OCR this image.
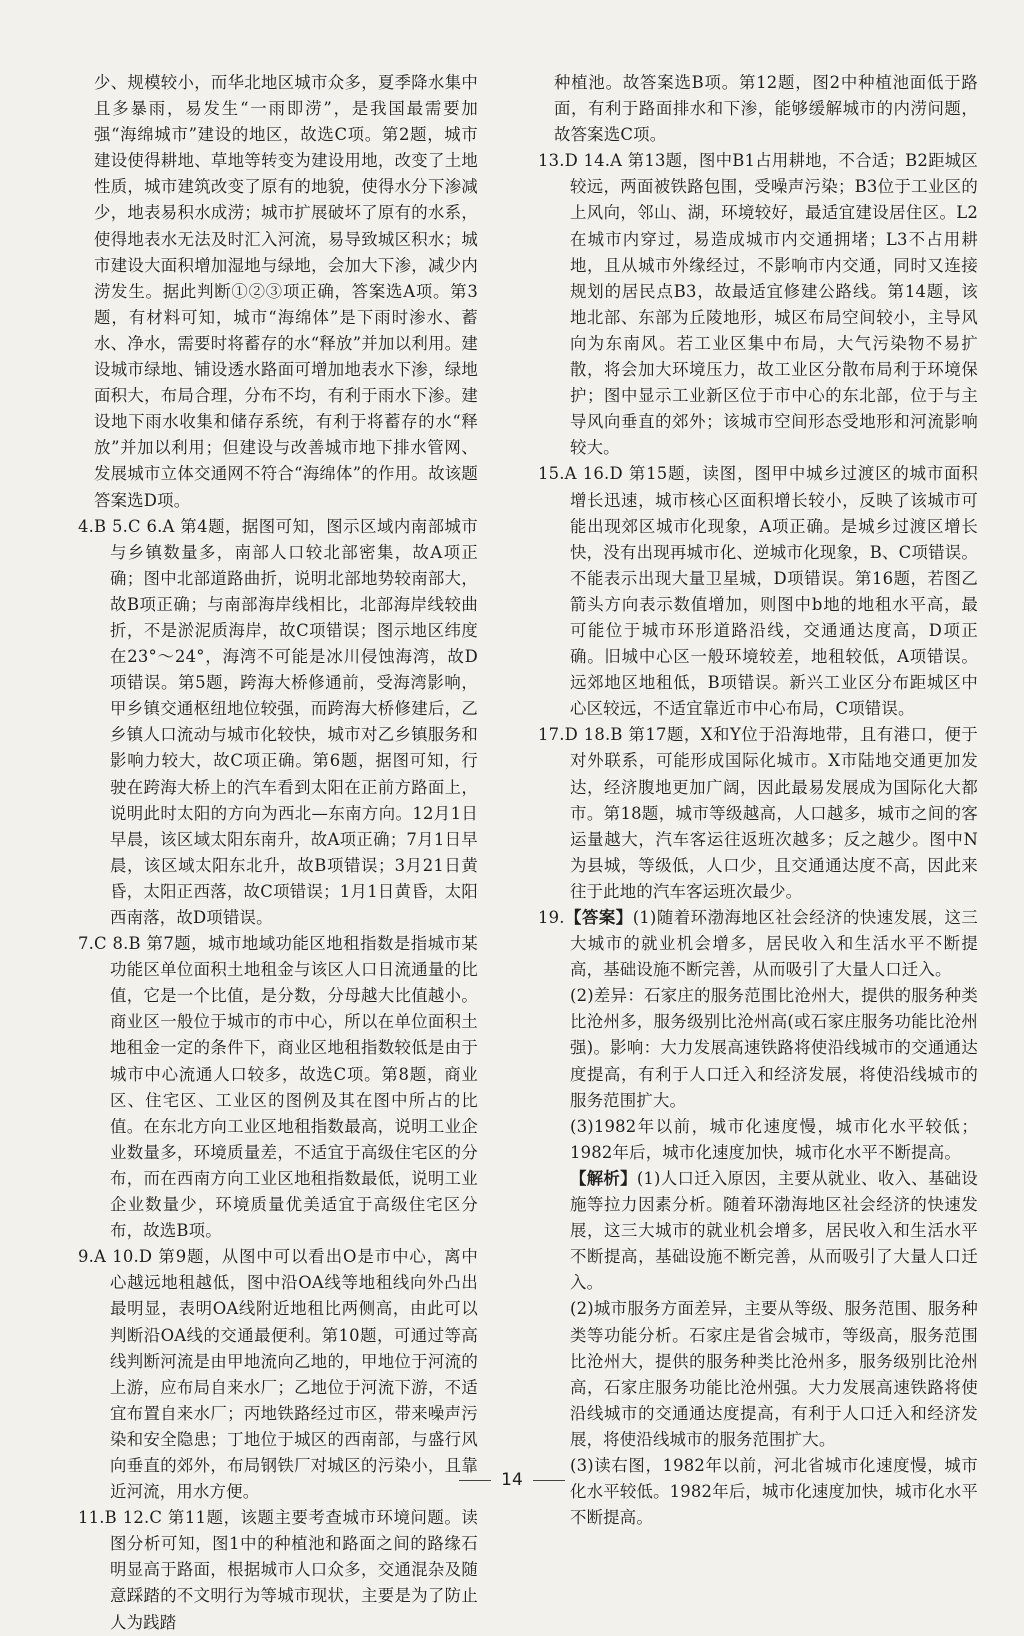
少、规模较小，而华北地区城市众多，夏季降水集中且多暴雨，易发生“一雨即涝”，是我国最需要加强“海绵城市”建设的地区，故选C项。第2题，城市建设使得耕地、草地等转变为建设用地，改变了土地性质，城市建筑改变了原有的地貌，使得水分下渗减少，地表易积水成涝；城市扩展破坏了原有的水系，使得地表水无法及时汇入河流，易导致城区积水；城市建设大面积增加湿地与绿地，会加大下渗，减少内涝发生。据此判断①②③项正确，答案选A项。第3题，有材料可知，城市“海绵体”是下雨时渗水、蓄水、净水，需要时将蓄存的水“释放”并加以利用。建设城市绿地、铺设透水路面可增加地表水下渗，绿地面积大，布局合理，分布不均，有利于雨水下渗。建设地下雨水收集和储存系统，有利于将蓄存的水“释放”并加以利用；但建设与改善城市地下排水管网、发展城市立体交通网不符合“海绵体”的作用。故该题答案选D项。

4.B 5.C 6.A 第4题，据图可知，图示区域内南部城市与乡镇数量多，南部人口较北部密集，故A项正确；图中北部道路曲折，说明北部地势较南部大，故B项正确；与南部海岸线相比，北部海岸线较曲折，不是淤泥质海岸，故C项错误；图示地区纬度在23°～24°，海湾不可能是冰川侵蚀海湾，故D项错误。第5题，跨海大桥修通前，受海湾影响，甲乡镇交通枢纽地位较强，而跨海大桥修建后，乙乡镇人口流动与城市化较快，城市对乙乡镇服务和影响力较大，故C项正确。第6题，据图可知，行驶在跨海大桥上的汽车看到太阳在正前方路面上，说明此时太阳的方向为西北—东南方向。12月1日早晨，该区域太阳东南升，故A项正确；7月1日早晨，该区域太阳东北升，故B项错误；3月21日黄昏，太阳正西落，故C项错误；1月1日黄昏，太阳西南落，故D项错误。

7.C 8.B 第7题，城市地域功能区地租指数是指城市某功能区单位面积土地租金与该区人口日流通量的比值，它是一个比值，是分数，分母越大比值越小。商业区一般位于城市的市中心，所以在单位面积土地租金一定的条件下，商业区地租指数较低是由于城市中心流通人口较多，故选C项。第8题，商业区、住宅区、工业区的图例及其在图中所占的比值。在东北方向工业区地租指数最高，说明工业企业数量多，环境质量差，不适宜于高级住宅区的分布，而在西南方向工业区地租指数最低，说明工业企业数量少，环境质量优美适宜于高级住宅区分布，故选B项。

9.A 10.D 第9题，从图中可以看出O是市中心，离中心越远地租越低，图中沿OA线等地租线向外凸出最明显，表明OA线附近地租比两侧高，由此可以判断沿OA线的交通最便利。第10题，可通过等高线判断河流是由甲地流向乙地的，甲地位于河流的上游，应布局自来水厂；乙地位于河流下游，不适宜布置自来水厂；丙地铁路经过市区，带来噪声污染和安全隐患；丁地位于城区的西南部，与盛行风向垂直的郊外，布局钢铁厂对城区的污染小，且靠近河流，用水方便。

11.B 12.C 第11题，该题主要考查城市环境问题。读图分析可知，图1中的种植池和路面之间的路缘石明显高于路面，根据城市人口众多，交通混杂及随意踩踏的不文明行为等城市现状，主要是为了防止人为践踏

种植池。故答案选B项。第12题，图2中种植池面低于路面，有利于路面排水和下渗，能够缓解城市的内涝问题，故答案选C项。

13.D 14.A 第13题，图中B1占用耕地，不合适；B2距城区较远，两面被铁路包围，受噪声污染；B3位于工业区的上风向，邻山、湖，环境较好，最适宜建设居住区。L2在城市内穿过，易造成城市内交通拥堵；L3不占用耕地，且从城市外缘经过，不影响市内交通，同时又连接规划的居民点B3，故最适宜修建公路线。第14题，该地北部、东部为丘陵地形，城区布局空间较小，主导风向为东南风。若工业区集中布局，大气污染物不易扩散，将会加大环境压力，故工业区分散布局利于环境保护；图中显示工业新区位于市中心的东北部，位于与主导风向垂直的郊外；该城市空间形态受地形和河流影响较大。

15.A 16.D 第15题，读图，图甲中城乡过渡区的城市面积增长迅速，城市核心区面积增长较小，反映了该城市可能出现郊区城市化现象，A项正确。是城乡过渡区增长快，没有出现再城市化、逆城市化现象，B、C项错误。不能表示出现大量卫星城，D项错误。第16题，若图乙箭头方向表示数值增加，则图中b地的地租水平高，最可能位于城市环形道路沿线，交通通达度高，D项正确。旧城中心区一般环境较差，地租较低，A项错误。远郊地区地租低，B项错误。新兴工业区分布距城区中心区较远，不适宜靠近市中心布局，C项错误。

17.D 18.B 第17题，X和Y位于沿海地带，且有港口，便于对外联系，可能形成国际化城市。X市陆地交通更加发达，经济腹地更加广阔，因此最易发展成为国际化大都市。第18题，城市等级越高，人口越多，城市之间的客运量越大，汽车客运往返班次越多；反之越少。图中N为县城，等级低，人口少，且交通通达度不高，因此来往于此地的汽车客运班次最少。

19.【答案】(1)随着环渤海地区社会经济的快速发展，这三大城市的就业机会增多，居民收入和生活水平不断提高，基础设施不断完善，从而吸引了大量人口迁入。

(2)差异：石家庄的服务范围比沧州大，提供的服务种类比沧州多，服务级别比沧州高(或石家庄服务功能比沧州强)。影响：大力发展高速铁路将使沿线城市的交通通达度提高，有利于人口迁入和经济发展，将使沿线城市的服务范围扩大。

(3)1982年以前，城市化速度慢，城市化水平较低；1982年后，城市化速度加快，城市化水平不断提高。

【解析】(1)人口迁入原因，主要从就业、收入、基础设施等拉力因素分析。随着环渤海地区社会经济的快速发展，这三大城市的就业机会增多，居民收入和生活水平不断提高，基础设施不断完善，从而吸引了大量人口迁入。

(2)城市服务方面差异，主要从等级、服务范围、服务种类等功能分析。石家庄是省会城市，等级高，服务范围比沧州大，提供的服务种类比沧州多，服务级别比沧州高，石家庄服务功能比沧州强。大力发展高速铁路将使沿线城市的交通通达度提高，有利于人口迁入和经济发展，将使沿线城市的服务范围扩大。

(3)读右图，1982年以前，河北省城市化速度慢，城市化水平较低。1982年后，城市化速度加快，城市化水平不断提高。

14
